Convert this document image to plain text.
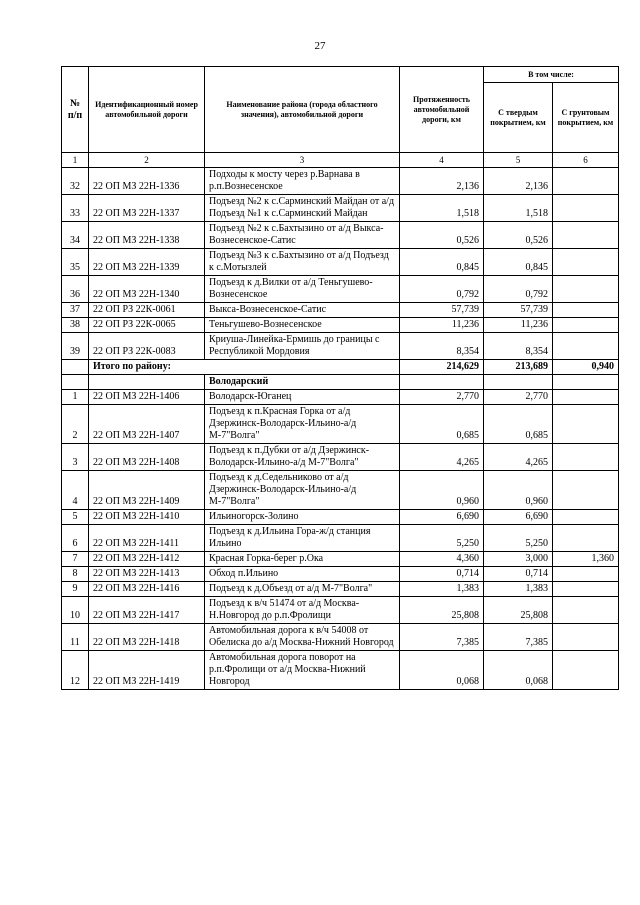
27
№ п/п	Идентификационный номер автомобильной дороги	Наименование района (города областного значения), автомобильной дороги	Протяженность автомобильной дороги, км	В том числе:	
				С твердым покрытием, км	С грунтовым покрытием, км
1	2	3	4	5	6
32	22 ОП МЗ 22Н-1336	Подходы к мосту через р.Варнава в р.п.Вознесенское	2,136	2,136	
33	22 ОП МЗ 22Н-1337	Подъезд №2 к с.Сарминский Майдан от а/д Подъезд №1 к с.Сарминский Майдан	1,518	1,518	
34	22 ОП МЗ 22Н-1338	Подъезд №2 к с.Бахтызино от а/д Выкса-Вознесенское-Сатис	0,526	0,526	
35	22 ОП МЗ 22Н-1339	Подъезд №3 к с.Бахтызино от а/д Подъезд к с.Мотызлей	0,845	0,845	
36	22 ОП МЗ 22Н-1340	Подъезд к д.Вилки от а/д Теньгушево-Вознесенское	0,792	0,792	
37	22 ОП РЗ 22К-0061	Выкса-Вознесенское-Сатис	57,739	57,739	
38	22 ОП РЗ 22К-0065	Теньгушево-Вознесенское	11,236	11,236	
39	22 ОП РЗ 22К-0083	Криуша-Линейка-Ермишь до границы с Республикой Мордовия	8,354	8,354	
	Итого по району:		214,629	213,689	0,940
		Володарский			
1	22 ОП МЗ 22Н-1406	Володарск-Юганец	2,770	2,770	
2	22 ОП МЗ 22Н-1407	Подъезд к п.Красная Горка от а/д Дзержинск-Володарск-Ильино-а/д М-7"Волга"	0,685	0,685	
3	22 ОП МЗ 22Н-1408	Подъезд к п.Дубки от а/д Дзержинск-Володарск-Ильино-а/д М-7"Волга"	4,265	4,265	
4	22 ОП МЗ 22Н-1409	Подъезд к д.Седельниково от а/д Дзержинск-Володарск-Ильино-а/д М-7"Волга"	0,960	0,960	
5	22 ОП МЗ 22Н-1410	Ильиногорск-Золино	6,690	6,690	
6	22 ОП МЗ 22Н-1411	Подъезд к д.Ильина Гора-ж/д станция Ильино	5,250	5,250	
7	22 ОП МЗ 22Н-1412	Красная Горка-берег р.Ока	4,360	3,000	1,360
8	22 ОП МЗ 22Н-1413	Обход п.Ильино	0,714	0,714	
9	22 ОП МЗ 22Н-1416	Подъезд к д.Объезд от а/д М-7"Волга"	1,383	1,383	
10	22 ОП МЗ 22Н-1417	Подъезд к в/ч 51474 от а/д Москва-Н.Новгород до р.п.Фролищи	25,808	25,808	
11	22 ОП МЗ 22Н-1418	Автомобильная дорога к в/ч 54008 от Обелиска до а/д Москва-Нижний Новгород	7,385	7,385	
12	22 ОП МЗ 22Н-1419	Автомобильная дорога поворот на р.п.Фролищи от а/д Москва-Нижний Новгород	0,068	0,068	
